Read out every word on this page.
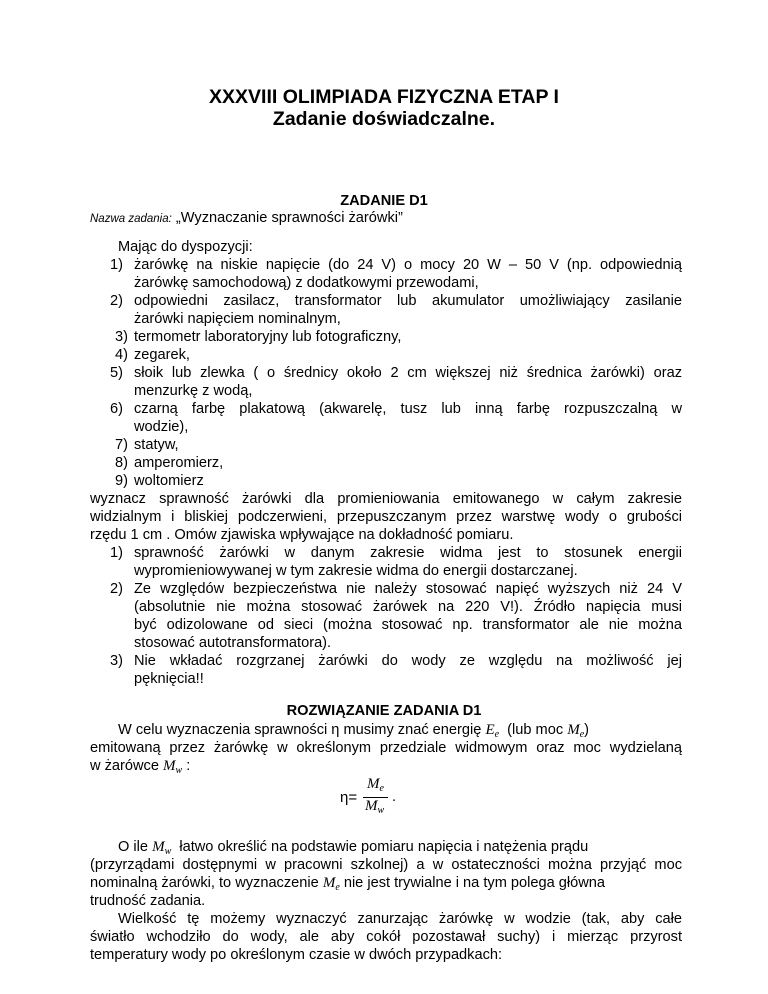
XXXVIII OLIMPIADA FIZYCZNA ETAP I
Zadanie doświadczalne.
ZADANIE D1
Nazwa zadania: „Wyznaczanie sprawności żarówki”
Mając do dyspozycji:
1) żarówkę na niskie napięcie (do 24 V) o mocy 20 W – 50 V (np. odpowiednią
żarówkę samochodową) z dodatkowymi przewodami,
2) odpowiedni zasilacz, transformator lub akumulator umożliwiający zasilanie
żarówki napięciem nominalnym,
3) termometr laboratoryjny lub fotograficzny,
4) zegarek,
5) słoik lub zlewka ( o średnicy około 2 cm większej niż średnica żarówki) oraz
menzurkę z wodą,
6) czarną farbę plakatową (akwarelę, tusz lub inną farbę rozpuszczalną w
wodzie),
7) statyw,
8) amperomierz,
9) woltomierz
wyznacz sprawność żarówki dla promieniowania emitowanego w całym zakresie
widzialnym i bliskiej podczerwieni, przepuszczanym przez warstwę wody o grubości
rzędu 1 cm . Omów zjawiska wpływające na dokładność pomiaru.
1) sprawność żarówki w danym zakresie widma jest to stosunek energii
wypromieniowywanej w tym zakresie widma do energii dostarczanej.
2) Ze względów bezpieczeństwa nie należy stosować napięć wyższych niż 24 V
(absolutnie nie można stosować żarówek na 220 V!). Źródło napięcia musi
być odizolowane od sieci (można stosować np. transformator ale nie można
stosować autotransformatora).
3) Nie wkładać rozgrzanej żarówki do wody ze względu na możliwość jej
pęknięcia!!
ROZWIĄZANIE ZADANIA D1
W celu wyznaczenia sprawności η musimy znać energię $E_e$ (lub moc $M_e$)
emitowaną przez żarówkę w określonym przedziale widmowym oraz moc wydzielaną
w żarówce $M_w$ :
η=
$M_e$
$M_w$
.
O ile $M_w$ łatwo określić na podstawie pomiaru napięcia i natężenia prądu
(przyrządami dostępnymi w pracowni szkolnej) a w ostateczności można przyjąć moc
nominalną żarówki, to wyznaczenie $M_e$ nie jest trywialne i na tym polega główna
trudność zadania.
Wielkość tę możemy wyznaczyć zanurzając żarówkę w wodzie (tak, aby całe
światło wchodziło do wody, ale aby cokół pozostawał suchy) i mierząc przyrost
temperatury wody po określonym czasie w dwóch przypadkach:
